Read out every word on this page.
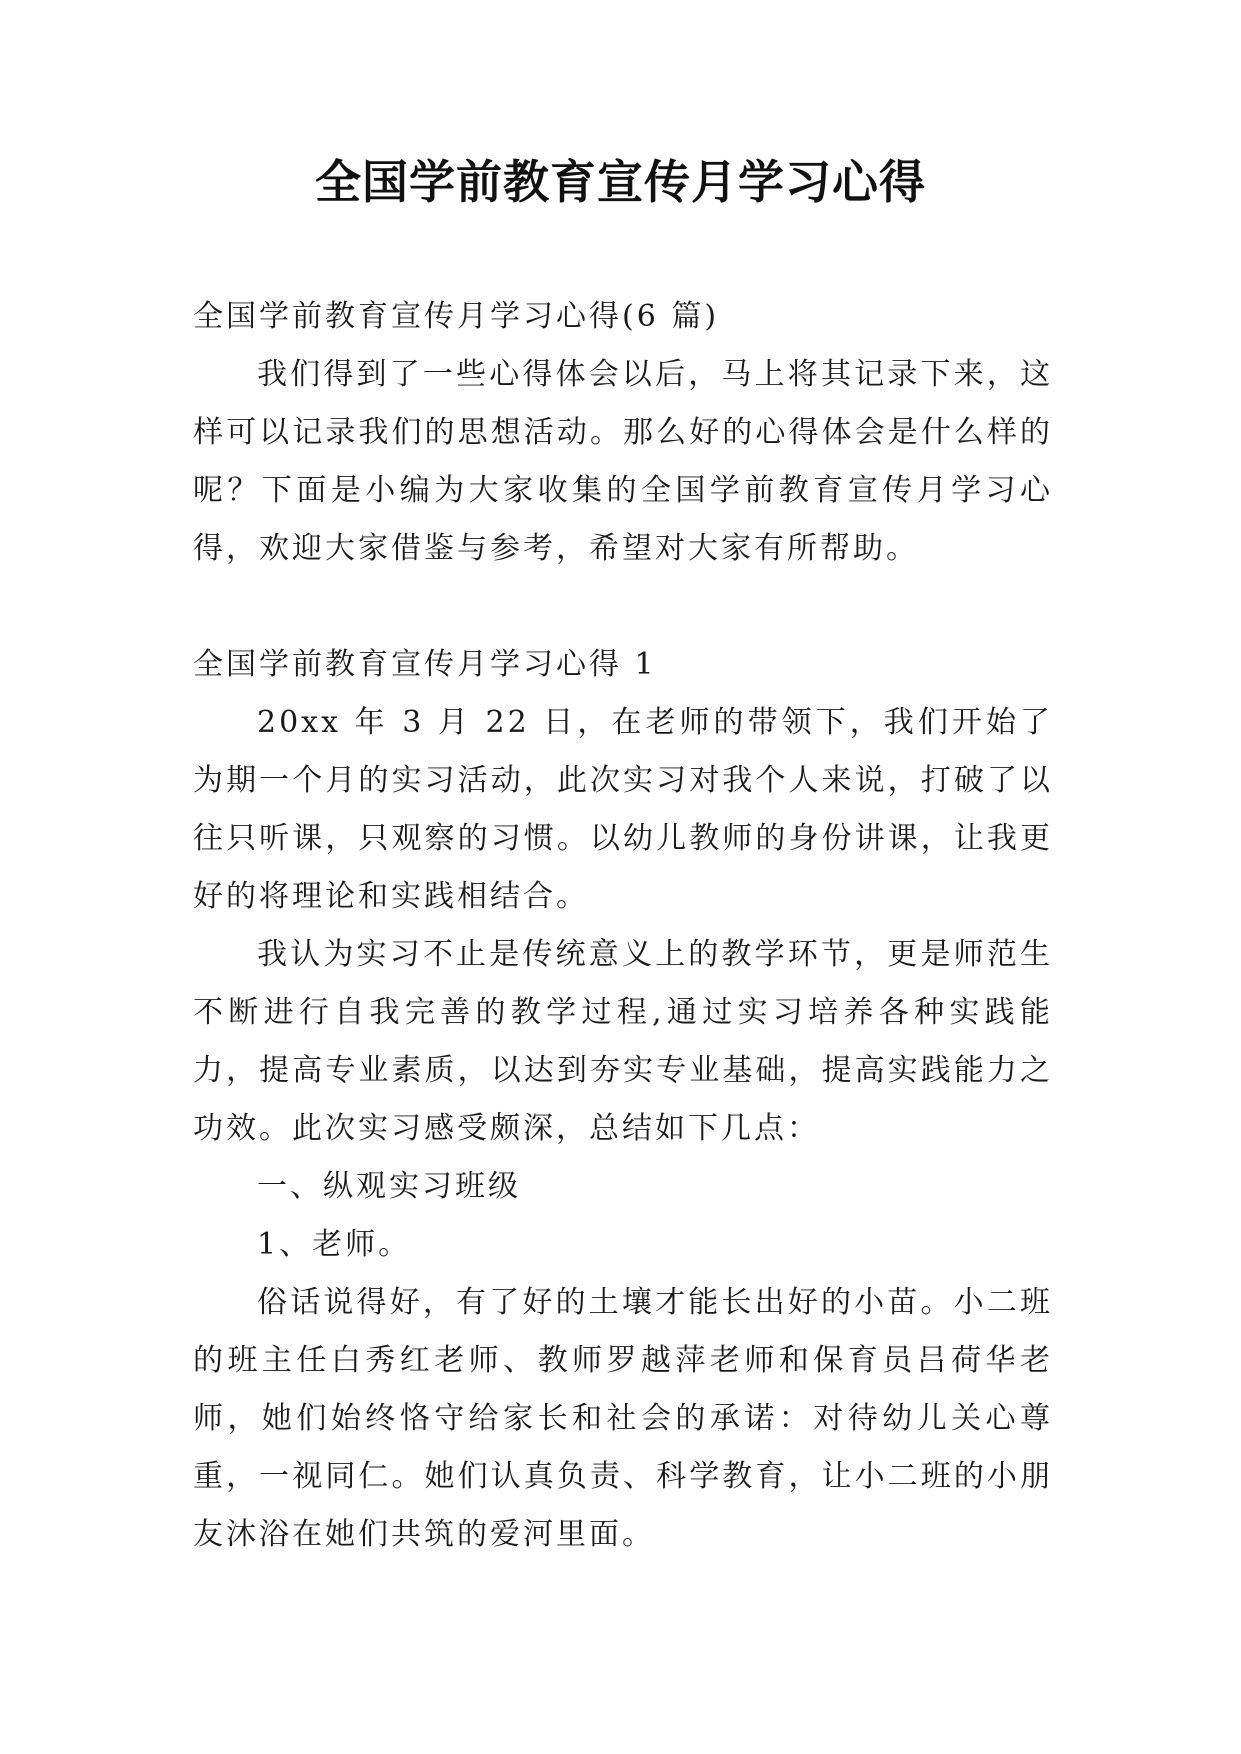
全国学前教育宣传月学习心得

全国学前教育宣传月学习心得(6 篇)

我们得到了一些心得体会以后，马上将其记录下来，这样可以记录我们的思想活动。那么好的心得体会是什么样的呢？下面是小编为大家收集的全国学前教育宣传月学习心得，欢迎大家借鉴与参考，希望对大家有所帮助。

全国学前教育宣传月学习心得 1

20xx 年 3 月 22 日，在老师的带领下，我们开始了为期一个月的实习活动，此次实习对我个人来说，打破了以往只听课，只观察的习惯。以幼儿教师的身份讲课，让我更好的将理论和实践相结合。

我认为实习不止是传统意义上的教学环节，更是师范生不断进行自我完善的教学过程,通过实习培养各种实践能力，提高专业素质，以达到夯实专业基础，提高实践能力之功效。此次实习感受颇深，总结如下几点：

一、纵观实习班级

1、老师。

俗话说得好，有了好的土壤才能长出好的小苗。小二班的班主任白秀红老师、教师罗越萍老师和保育员吕荷华老师，她们始终恪守给家长和社会的承诺：对待幼儿关心尊重，一视同仁。她们认真负责、科学教育，让小二班的小朋友沐浴在她们共筑的爱河里面。
